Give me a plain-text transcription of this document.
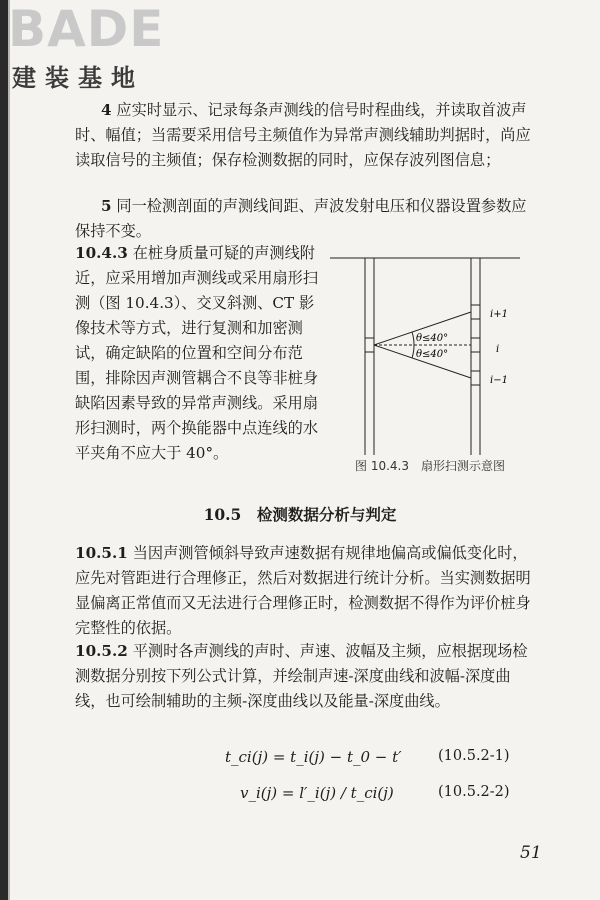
BADE
建装基地

4 应实时显示、记录每条声测线的信号时程曲线，并读取首波声时、幅值；当需要采用信号主频值作为异常声测线辅助判据时，尚应读取信号的主频值；保存检测数据的同时，应保存波列图信息；

5 同一检测剖面的声测线间距、声波发射电压和仪器设置参数应保持不变。

10.4.3 在桩身质量可疑的声测线附近，应采用增加声测线或采用扇形扫测（图 10.4.3）、交叉斜测、CT 影像技术等方式，进行复测和加密测试，确定缺陷的位置和空间分布范围，排除因声测管耦合不良等非桩身缺陷因素导致的异常声测线。采用扇形扫测时，两个换能器中点连线的水平夹角不应大于 40°。

θ≤40°
θ≤40°
i+1
i
i−1
图 10.4.3　扇形扫测示意图
10.5　 检测数据分析与判定

10.5.1 当因声测管倾斜导致声速数据有规律地偏高或偏低变化时，应先对管距进行合理修正，然后对数据进行统计分析。当实测数据明显偏离正常值而又无法进行合理修正时，检测数据不得作为评价桩身完整性的依据。

10.5.2 平测时各声测线的声时、声速、波幅及主频，应根据现场检测数据分别按下列公式计算，并绘制声速-深度曲线和波幅-深度曲线，也可绘制辅助的主频-深度曲线以及能量-深度曲线。

t_ci(j) = t_i(j) − t_0 − t′	(10.5.2-1)
v_i(j) = l′_i(j) / t_ci(j)	(10.5.2-2)
51
